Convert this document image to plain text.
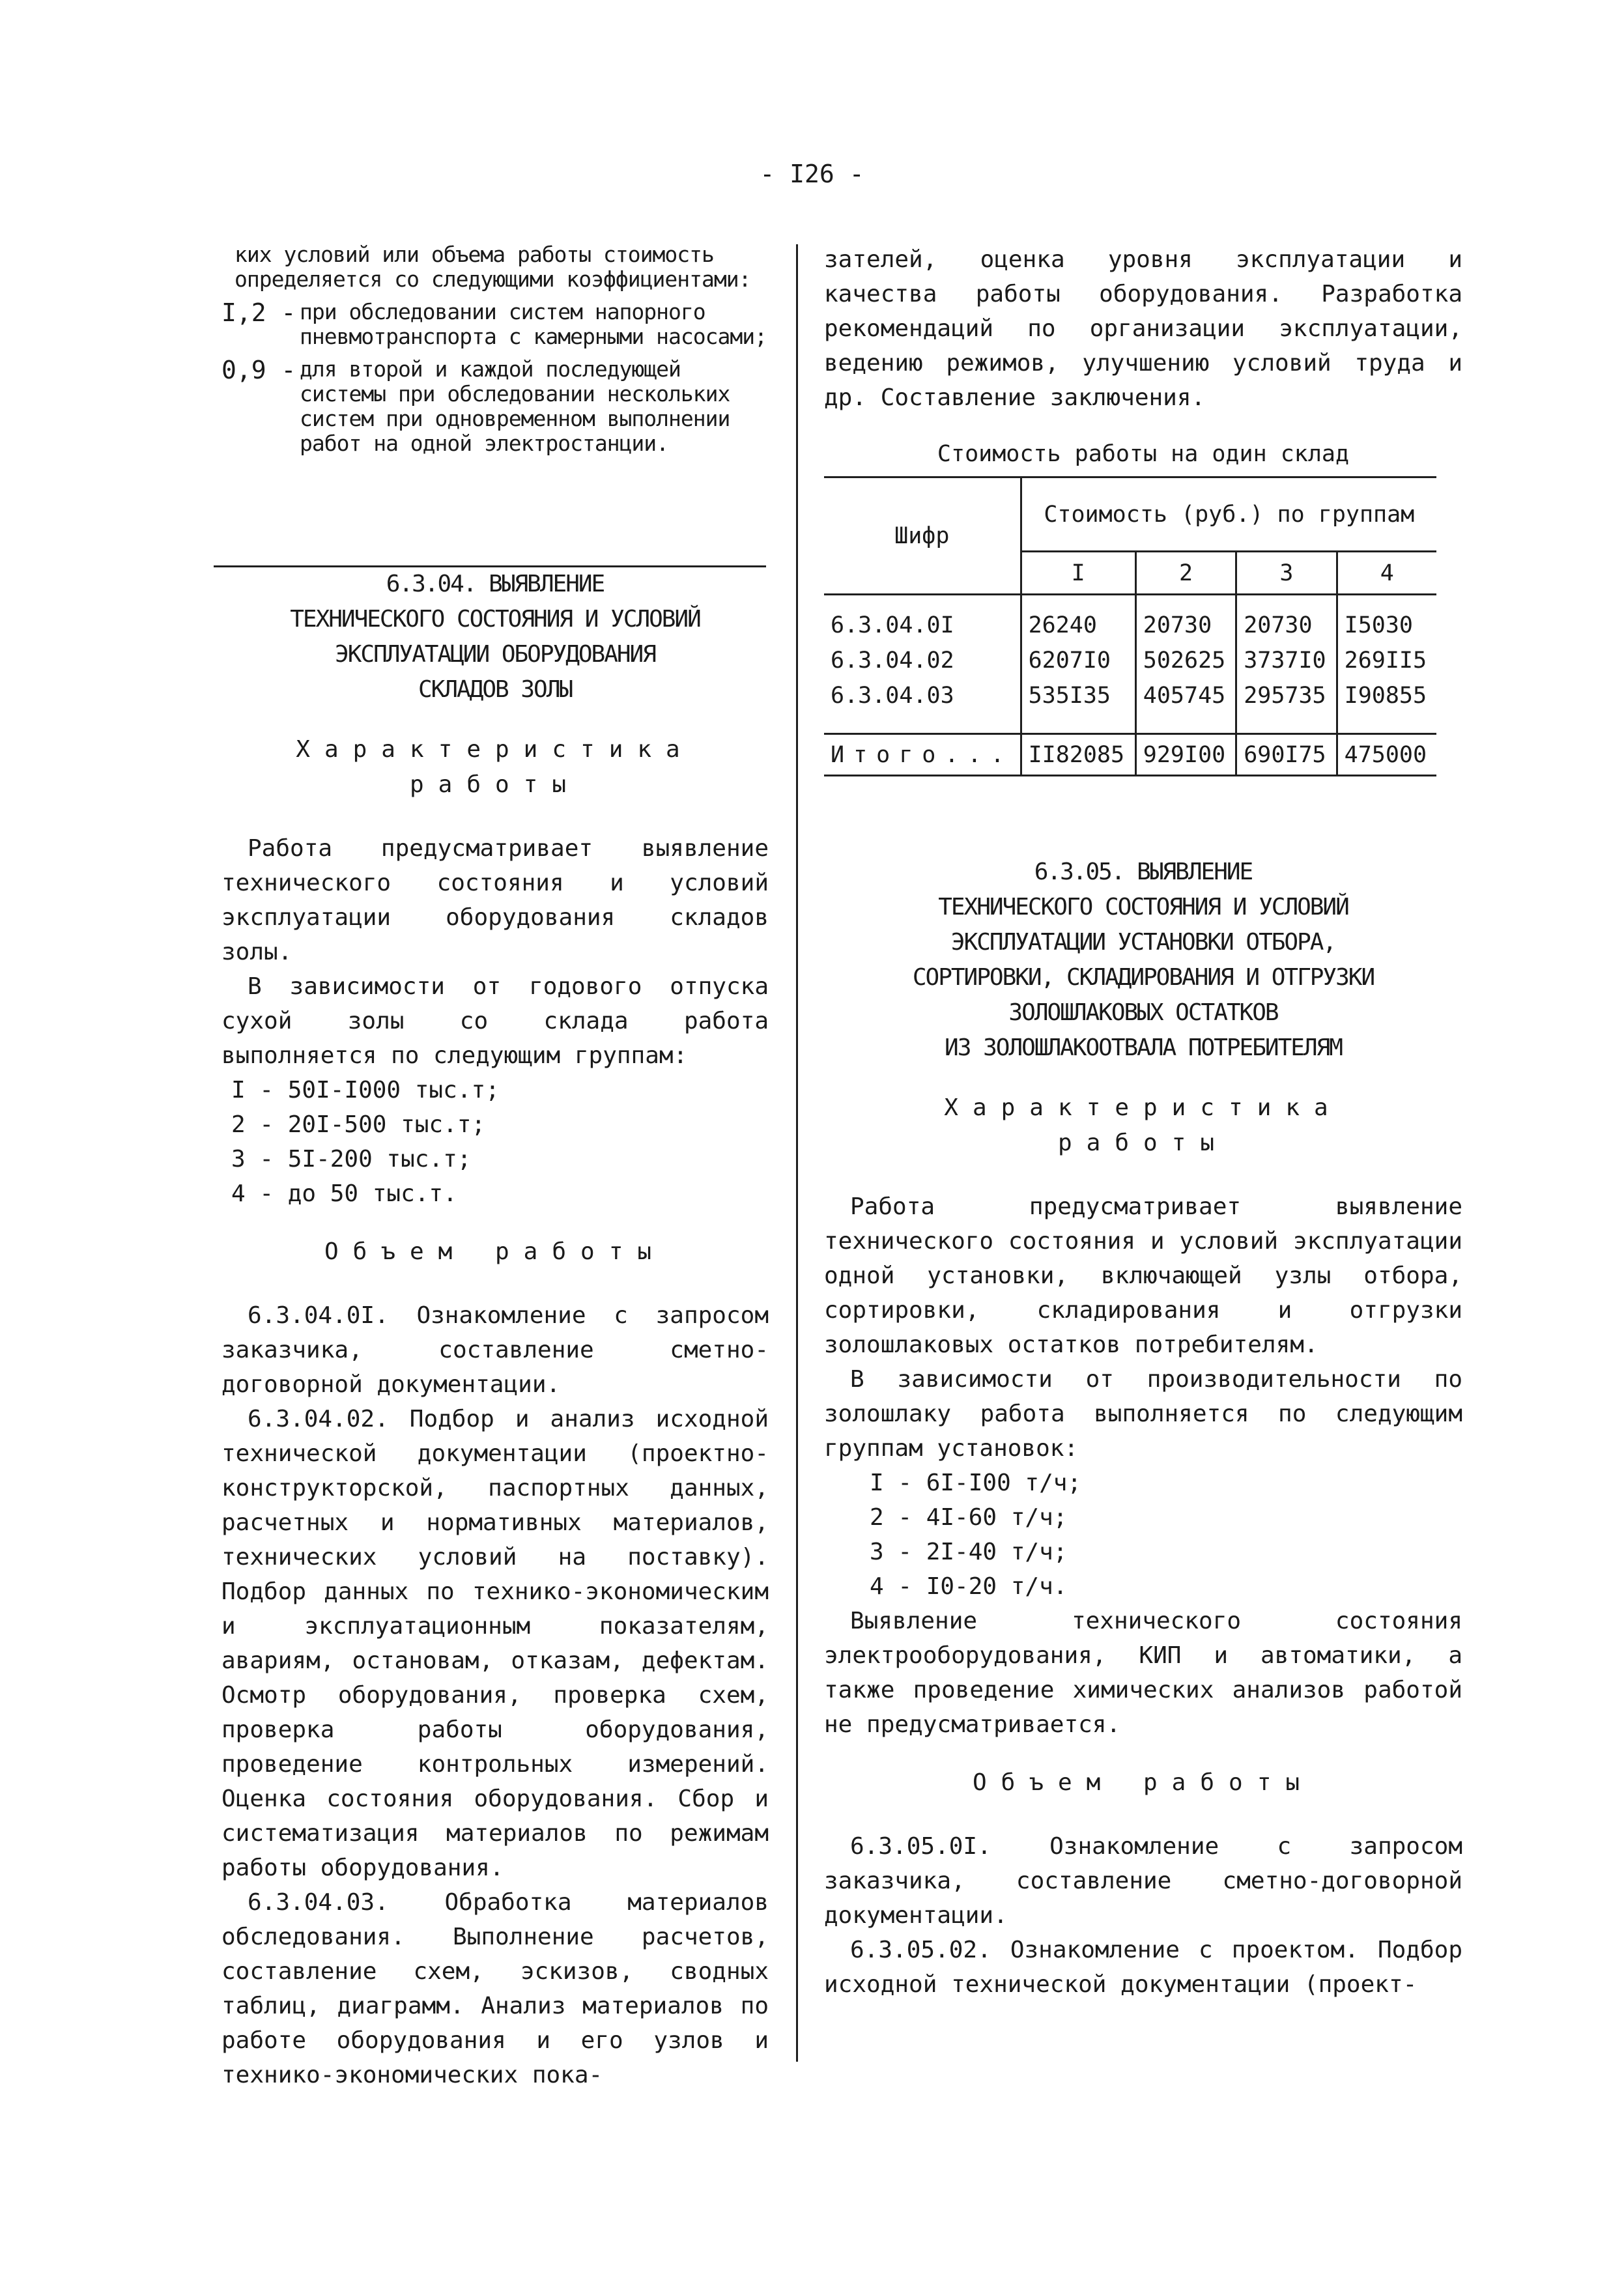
- I26 -
ких условий или объема работы стоимость определяется со следующими коэффициентами:
I,2 - при обследовании систем напорного пневмотранспорта с камерными насосами;
0,9 - для второй и каждой последующей системы при обследовании нескольких систем при одновременном выполнении работ на одной электростанции.
6.3.04. ВЫЯВЛЕНИЕ
ТЕХНИЧЕСКОГО СОСТОЯНИЯ И УСЛОВИЙ
ЭКСПЛУАТАЦИИ ОБОРУДОВАНИЯ
СКЛАДОВ ЗОЛЫ
Характеристика
работы

Работа предусматривает выявление технического состояния и условий эксплуатации оборудования складов золы.

В зависимости от годового отпуска сухой золы со склада работа выполняется по следующим группам:

I - 50I-I000 тыс.т;
2 - 20I-500 тыс.т;
3 - 5I-200 тыс.т;
4 - до 50 тыс.т.
Объем работы

6.3.04.0I. Ознакомление с запросом заказчика, составление сметно-договорной документации.

6.3.04.02. Подбор и анализ исходной технической документации (проектно-конструкторской, паспортных данных, расчетных и нормативных материалов, технических условий на поставку). Подбор данных по технико-экономическим и эксплуатационным показателям, авариям, остановам, отказам, дефектам. Осмотр оборудования, проверка схем, проверка работы оборудования, проведение контрольных измерений. Оценка состояния оборудования. Сбор и систематизация материалов по режимам работы оборудования.

6.3.04.03. Обработка материалов обследования. Выполнение расчетов, составление схем, эскизов, сводных таблиц, диаграмм. Анализ материалов по работе оборудования и его узлов и технико-экономических пока-

зателей, оценка уровня эксплуатации и качества работы оборудования. Разработка рекомендаций по организации эксплуатации, ведению режимов, улучшению условий труда и др. Составление заключения.

Стоимость работы на один склад
Шифр	Стоимость (руб.) по группам			
	I	2	3	4

6.3.04.0I	26240	20730	20730	I5030
6.3.04.02	6207I0	502625	3737I0	269II5
6.3.04.03	535I35	405745	295735	I90855

Итого...	II82085	929I00	690I75	475000
6.3.05. ВЫЯВЛЕНИЕ
ТЕХНИЧЕСКОГО СОСТОЯНИЯ И УСЛОВИЙ
ЭКСПЛУАТАЦИИ УСТАНОВКИ ОТБОРА,
СОРТИРОВКИ, СКЛАДИРОВАНИЯ И ОТГРУЗКИ
ЗОЛОШЛАКОВЫХ ОСТАТКОВ
ИЗ ЗОЛОШЛАКООТВАЛА ПОТРЕБИТЕЛЯМ
Характеристика
работы

Работа предусматривает выявление технического состояния и условий эксплуатации одной установки, включающей узлы отбора, сортировки, складирования и отгрузки золошлаковых остатков потребителям.

В зависимости от производительности по золошлаку работа выполняется по следующим группам установок:

I - 6I-I00 т/ч;
2 - 4I-60 т/ч;
3 - 2I-40 т/ч;
4 - I0-20 т/ч.

Выявление технического состояния электрооборудования, КИП и автоматики, а также проведение химических анализов работой не предусматривается.

Объем работы

6.3.05.0I. Ознакомление с запросом заказчика, составление сметно-договорной документации.

6.3.05.02. Ознакомление с проектом. Подбор исходной технической документации (проект-
